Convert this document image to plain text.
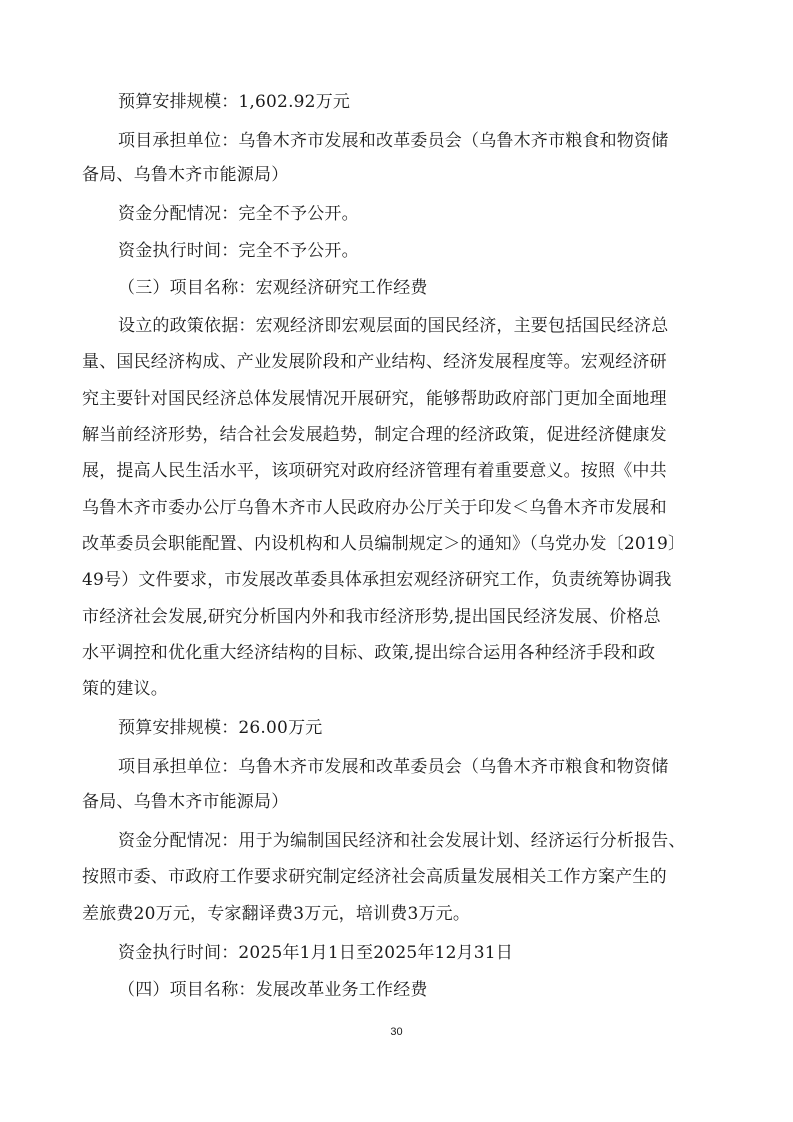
预算安排规模：1,602.92万元
项目承担单位：乌鲁木齐市发展和改革委员会（乌鲁木齐市粮食和物资储
备局、乌鲁木齐市能源局）
资金分配情况：完全不予公开。
资金执行时间：完全不予公开。
（三）项目名称：宏观经济研究工作经费
设立的政策依据：宏观经济即宏观层面的国民经济，主要包括国民经济总
量、国民经济构成、产业发展阶段和产业结构、经济发展程度等。宏观经济研
究主要针对国民经济总体发展情况开展研究，能够帮助政府部门更加全面地理
解当前经济形势，结合社会发展趋势，制定合理的经济政策，促进经济健康发
展，提高人民生活水平，该项研究对政府经济管理有着重要意义。按照《中共
乌鲁木齐市委办公厅乌鲁木齐市人民政府办公厅关于印发＜乌鲁木齐市发展和
改革委员会职能配置、内设机构和人员编制规定＞的通知》（乌党办发〔2019〕
49号）文件要求，市发展改革委具体承担宏观经济研究工作，负责统筹协调我
市经济社会发展,研究分析国内外和我市经济形势,提出国民经济发展、价格总
水平调控和优化重大经济结构的目标、政策,提出综合运用各种经济手段和政
策的建议。
预算安排规模：26.00万元
项目承担单位：乌鲁木齐市发展和改革委员会（乌鲁木齐市粮食和物资储
备局、乌鲁木齐市能源局）
资金分配情况：用于为编制国民经济和社会发展计划、经济运行分析报告、
按照市委、市政府工作要求研究制定经济社会高质量发展相关工作方案产生的
差旅费20万元，专家翻译费3万元，培训费3万元。
资金执行时间：2025年1月1日至2025年12月31日
（四）项目名称：发展改革业务工作经费
30
